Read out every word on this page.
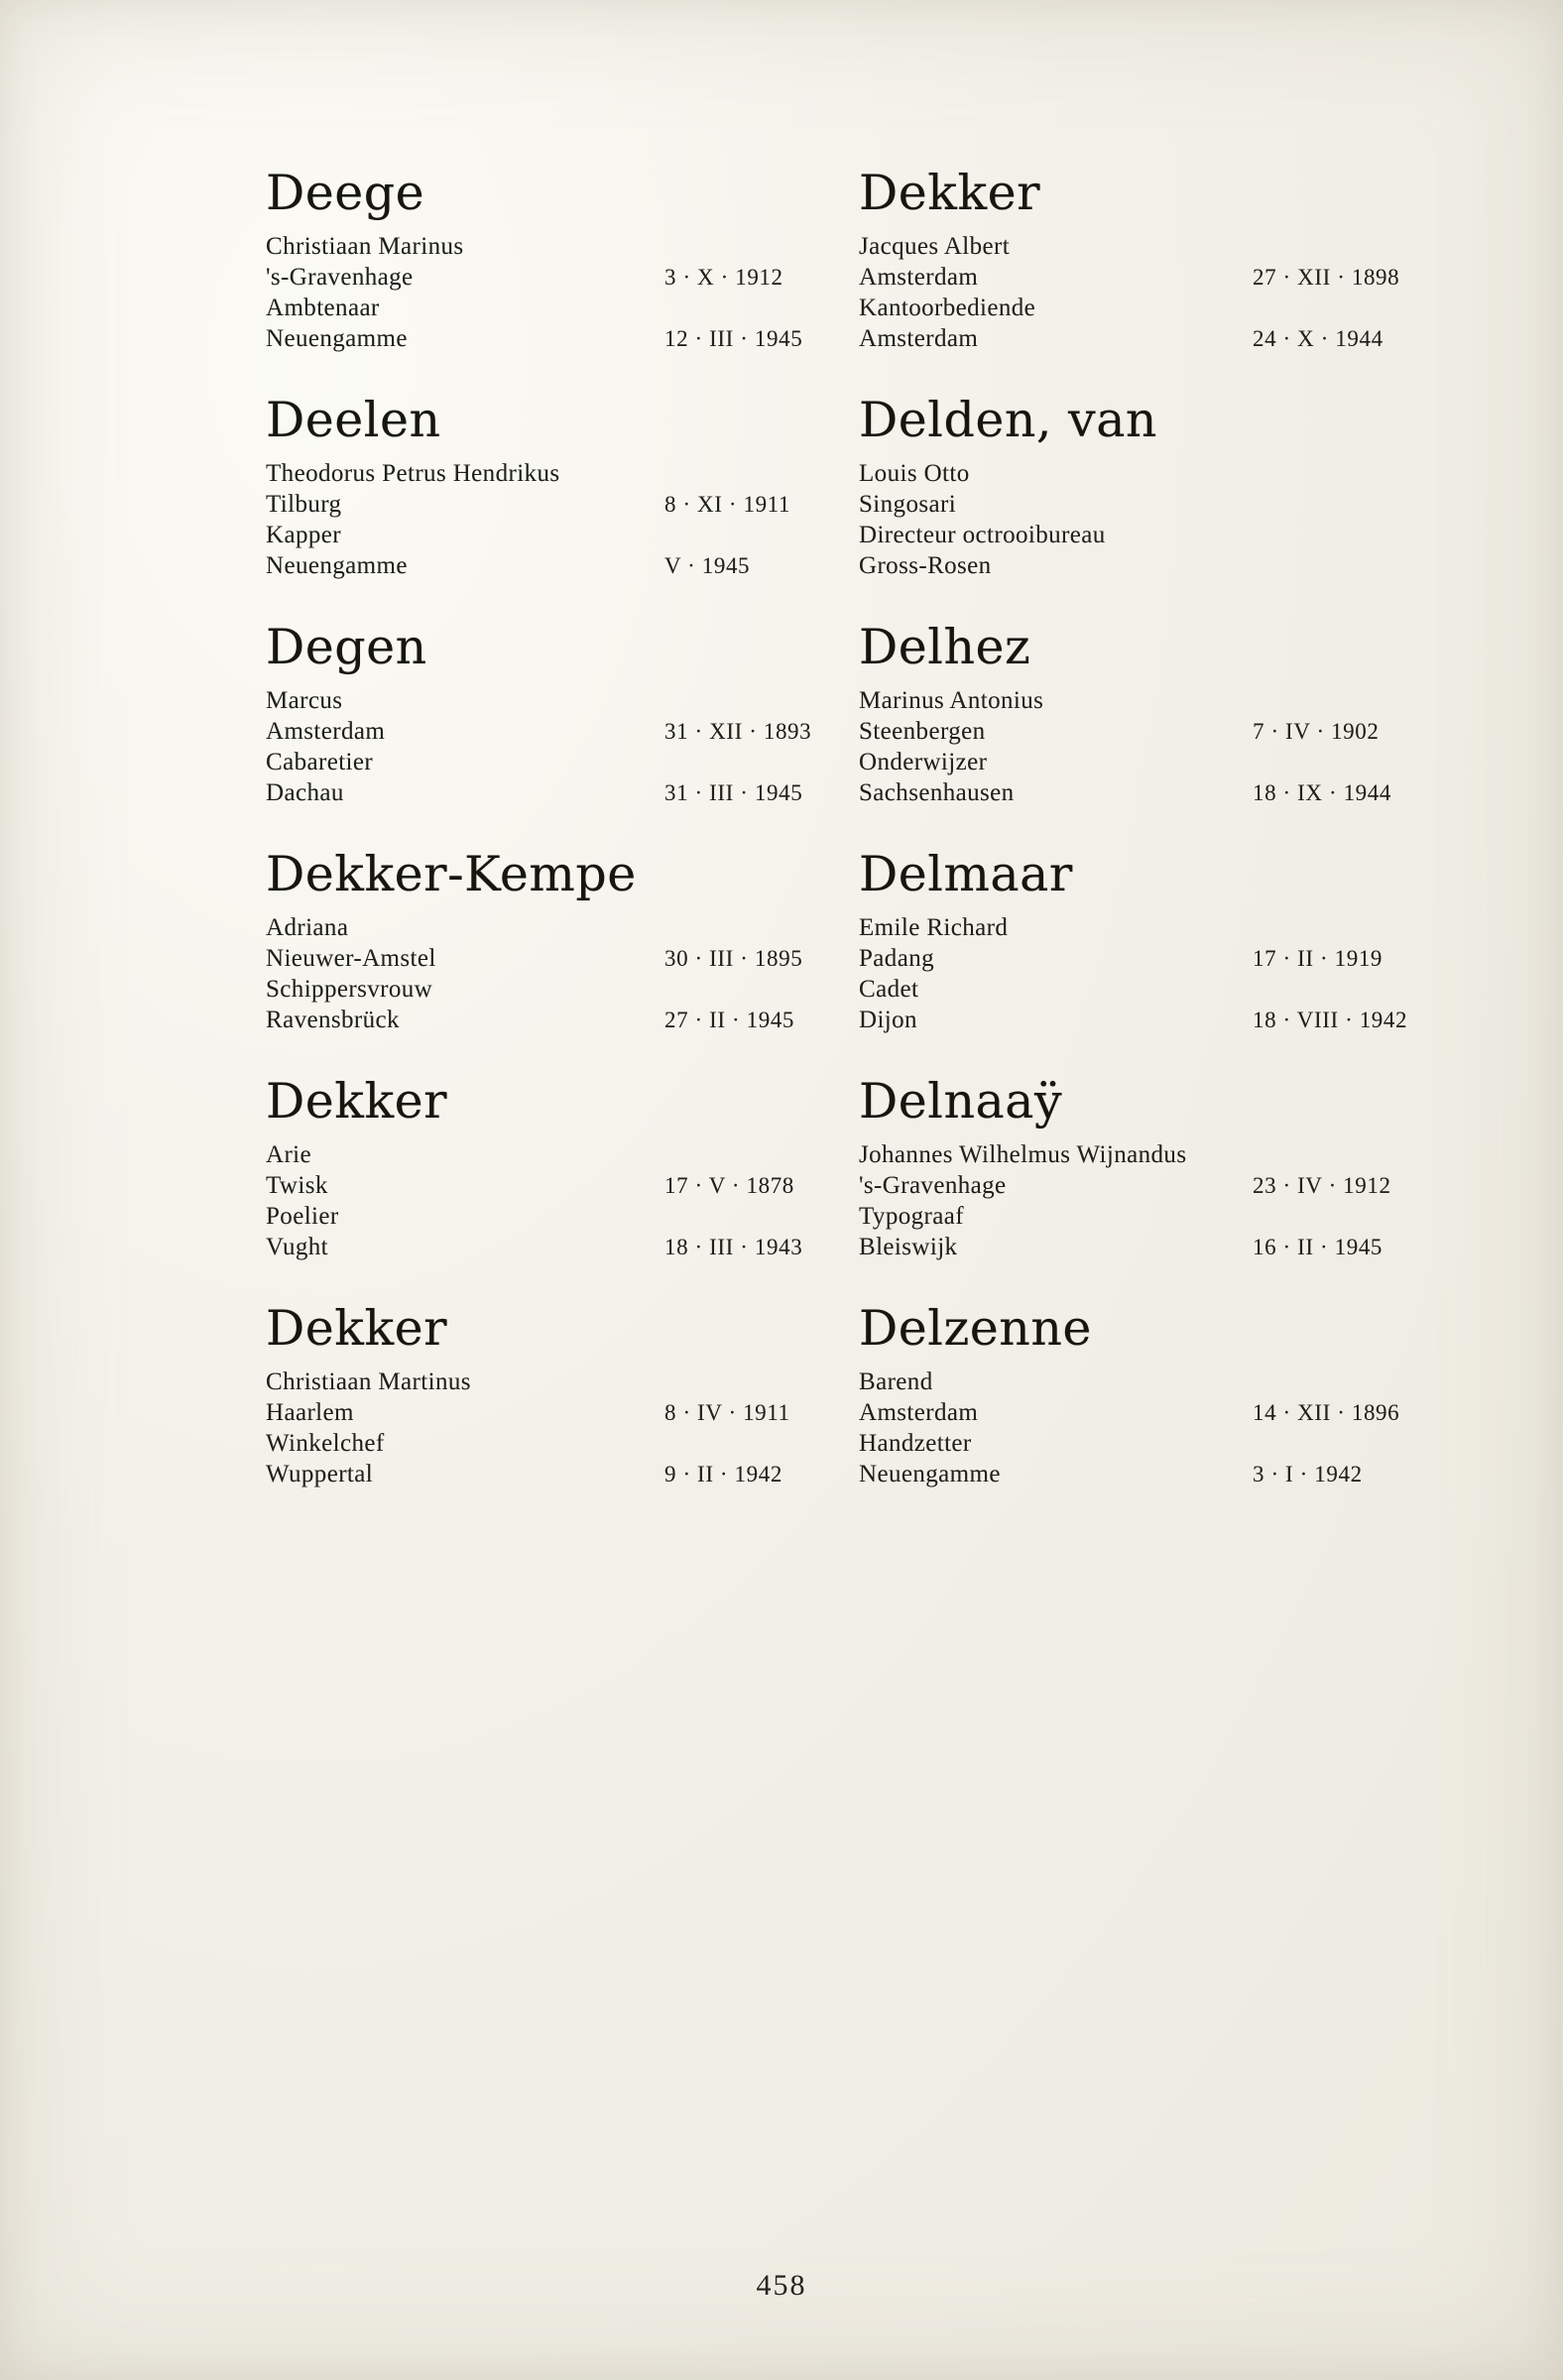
Deege
Christiaan Marinus
's-Gravenhage	3 · X · 1912
Ambtenaar
Neuengamme	12 · III · 1945
Deelen
Theodorus Petrus Hendrikus
Tilburg	8 · XI · 1911
Kapper
Neuengamme	V · 1945
Degen
Marcus
Amsterdam	31 · XII · 1893
Cabaretier
Dachau	31 · III · 1945
Dekker-Kempe
Adriana
Nieuwer-Amstel	30 · III · 1895
Schippersvrouw
Ravensbrück	27 · II · 1945
Dekker
Arie
Twisk	17 · V · 1878
Poelier
Vught	18 · III · 1943
Dekker
Christiaan Martinus
Haarlem	8 · IV · 1911
Winkelchef
Wuppertal	9 · II · 1942
Dekker
Jacques Albert
Amsterdam	27 · XII · 1898
Kantoorbediende
Amsterdam	24 · X · 1944
Delden, van
Louis Otto
Singosari
Directeur octrooibureau
Gross-Rosen
Delhez
Marinus Antonius
Steenbergen	7 · IV · 1902
Onderwijzer
Sachsenhausen	18 · IX · 1944
Delmaar
Emile Richard
Padang	17 · II · 1919
Cadet
Dijon	18 · VIII · 1942
Delnaaÿ
Johannes Wilhelmus Wijnandus
's-Gravenhage	23 · IV · 1912
Typograaf
Bleiswijk	16 · II · 1945
Delzenne
Barend
Amsterdam	14 · XII · 1896
Handzetter
Neuengamme	3 · I · 1942
458
